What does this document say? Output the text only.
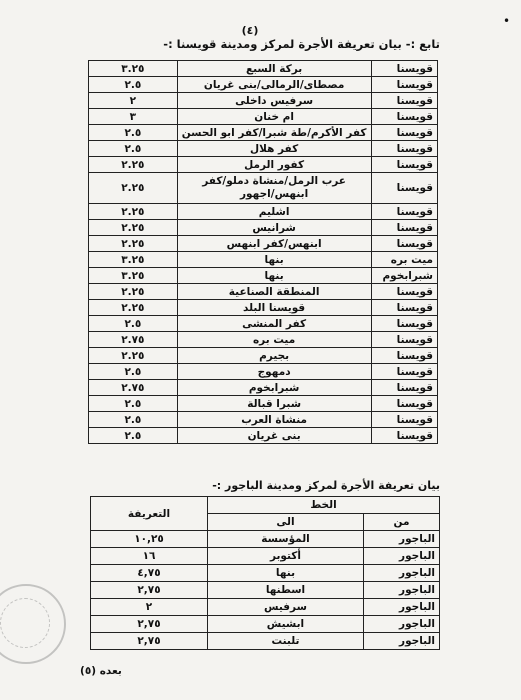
•
(٤)
تابع :- بيان تعريفة الأجرة لمركز ومدينة قويسنا :-
قويسنا	بركة السبع	٣.٢٥
قويسنا	مصطاى/الرمالى/بنى غريان	٢.٥
قويسنا	سرفيس داخلى	٢
قويسنا	ام خنان	٣
قويسنا	كفر الأكرم/طة شبرا/كفر ابو الحسن	٢.٥
قويسنا	كفر هلال	٢.٥
قويسنا	كفور الرمل	٢.٢٥
قويسنا	عرب الرمل/منشاة دملو/كفر ابنهس/اجهور	٢.٢٥
قويسنا	اشليم	٢.٢٥
قويسنا	شرانيس	٢.٢٥
قويسنا	ابنهس/كفر ابنهس	٢.٢٥
ميت بره	بنها	٣.٢٥
شبرابخوم	بنها	٣.٢٥
قويسنا	المنطقة الصناعية	٢.٢٥
قويسنا	قويسنا البلد	٢.٢٥
قويسنا	كفر المنشى	٢.٥
قويسنا	ميت بره	٢.٧٥
قويسنا	بجيرم	٢.٢٥
قويسنا	دمهوج	٢.٥
قويسنا	شبرابخوم	٢.٧٥
قويسنا	شبرا قبالة	٢.٥
قويسنا	منشاة العرب	٢.٥
قويسنا	بنى غريان	٢.٥
بيان تعريفة الأجرة لمركز ومدينة الباجور :-
الخط		التعريفة
من	الى	
الباجور	المؤسسة	١٠,٢٥
الباجور	أكتوبر	١٦
الباجور	بنها	٤,٧٥
الباجور	اسطنها	٢,٧٥
الباجور	سرفيس	٢
الباجور	ابشيش	٢,٧٥
الباجور	تلبنت	٢,٧٥
بعده (٥)
